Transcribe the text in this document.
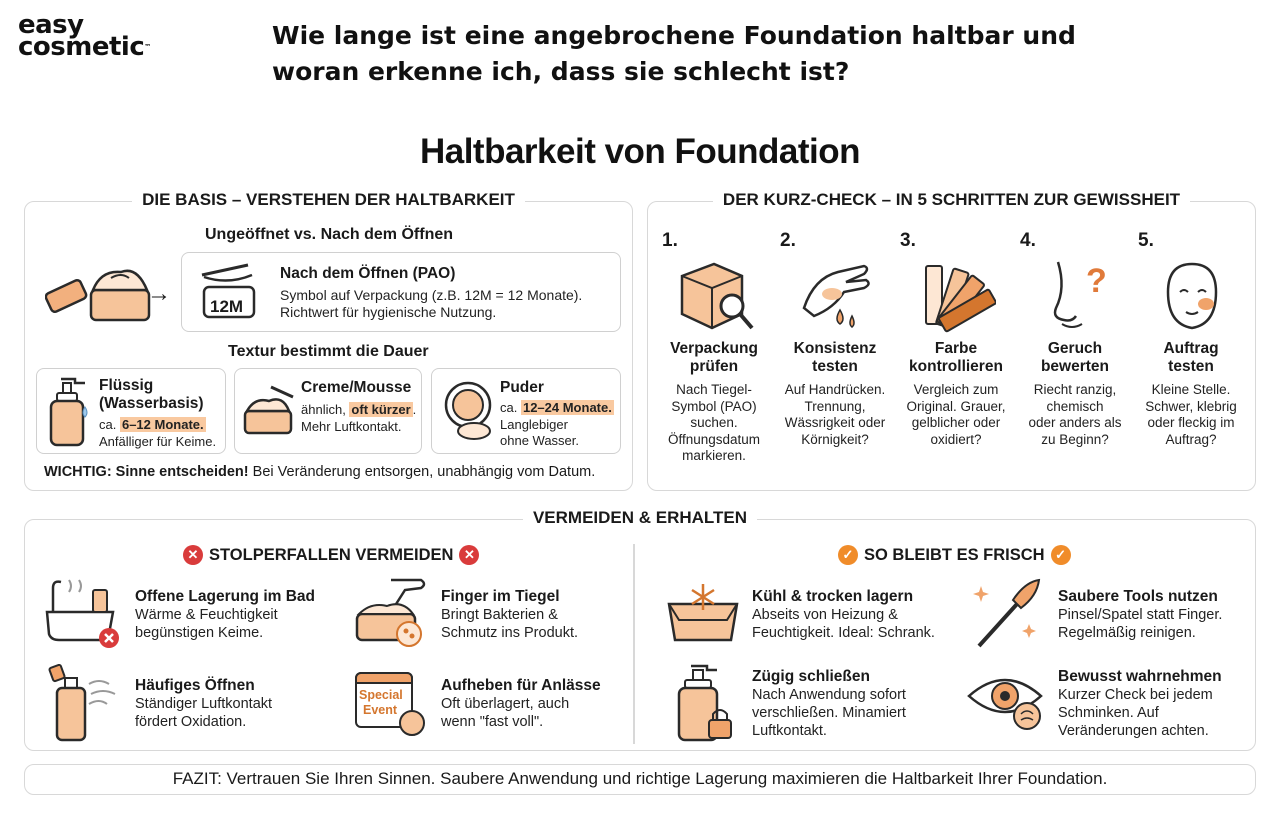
easy
cosmetic™	Wie lange ist eine angebrochene Foundation haltbar und
woran erkenne ich, dass sie schlecht ist?
Haltbarkeit von Foundation
DIE BASIS – VERSTEHEN DER HALTBARKEIT
Ungeöffnet vs. Nach dem Öffnen
→ 12M
Nach dem Öffnen (PAO)
Symbol auf Verpackung (z.B. 12M = 12 Monate).
Richtwert für hygienische Nutzung.
Textur bestimmt die Dauer
Flüssig
(Wasserbasis)
ca. 6–12 Monate.
Anfälliger für Keime.
Creme/Mousse
ähnlich, oft kürzer .
Mehr Luftkontakt.
Puder
ca. 12–24 Monate.
Langlebiger
ohne Wasser.
WICHTIG: Sinne entscheiden! Bei Veränderung entsorgen, unabhängig vom Datum.
DER KURZ-CHECK – IN 5 SCHRITTEN ZUR GEWISSHEIT
1.
Verpackung
prüfen
Nach Tiegel-
Symbol (PAO)
suchen.
Öffnungsdatum
markieren.
2.
Konsistenz
testen
Auf Handrücken.
Trennung,
Wässrigkeit oder
Körnigkeit?
3.
Farbe
kontrollieren
Vergleich zum
Original. Grauer,
gelblicher oder
oxidiert?
4.
?
Geruch
bewerten
Riecht ranzig,
chemisch
oder anders als
zu Beginn?
5.
Auftrag
testen
Kleine Stelle.
Schwer, klebrig
oder fleckig im
Auftrag?
VERMEIDEN & ERHALTEN
✕ STOLPERFALLEN VERMEIDEN ✕
Offene Lagerung im Bad
Wärme & Feuchtigkeit
begünstigen Keime.
Finger im Tiegel
Bringt Bakterien &
Schmutz ins Produkt.
Häufiges Öffnen
Ständiger Luftkontakt
fördert Oxidation.
Special
Event
Aufheben für Anlässe
Oft überlagert, auch
wenn "fast voll".
✓ SO BLEIBT ES FRISCH ✓
Kühl & trocken lagern
Abseits von Heizung &
Feuchtigkeit. Ideal: Schrank.
Saubere Tools nutzen
Pinsel/Spatel statt Finger.
Regelmäßig reinigen.
Zügig schließen
Nach Anwendung sofort
verschließen. Minamiert
Luftkontakt.
Bewusst wahrnehmen
Kurzer Check bei jedem
Schminken. Auf
Veränderungen achten.
FAZIT: Vertrauen Sie Ihren Sinnen. Saubere Anwendung und richtige Lagerung maximieren die Haltbarkeit Ihrer Foundation.
